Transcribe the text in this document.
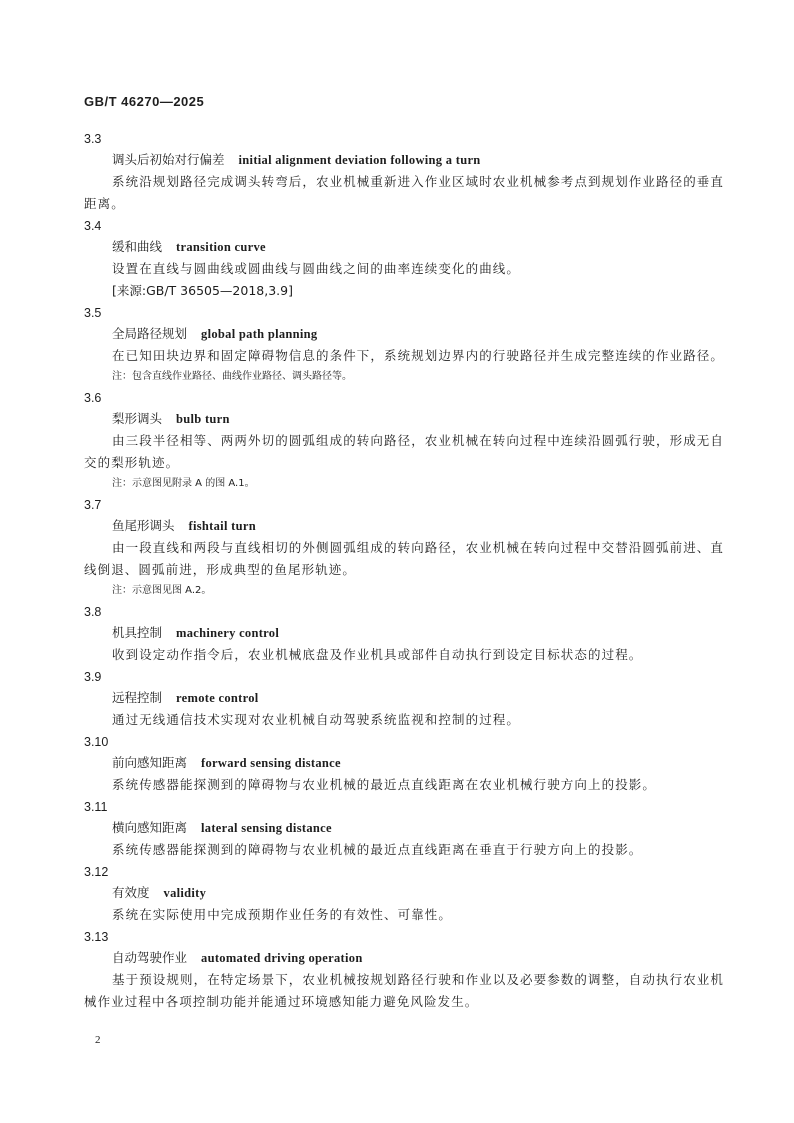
GB/T 46270—2025
3.3
调头后初始对行偏差 initial alignment deviation following a turn
系统沿规划路径完成调头转弯后，农业机械重新进入作业区域时农业机械参考点到规划作业路径的垂直距离。
3.4
缓和曲线 transition curve
设置在直线与圆曲线或圆曲线与圆曲线之间的曲率连续变化的曲线。
[来源:GB/T 36505—2018,3.9]
3.5
全局路径规划 global path planning
在已知田块边界和固定障碍物信息的条件下，系统规划边界内的行驶路径并生成完整连续的作业路径。
注：包含直线作业路径、曲线作业路径、调头路径等。
3.6
梨形调头 bulb turn
由三段半径相等、两两外切的圆弧组成的转向路径，农业机械在转向过程中连续沿圆弧行驶，形成无自交的梨形轨迹。
注：示意图见附录 A 的图 A.1。
3.7
鱼尾形调头 fishtail turn
由一段直线和两段与直线相切的外侧圆弧组成的转向路径，农业机械在转向过程中交替沿圆弧前进、直线倒退、圆弧前进，形成典型的鱼尾形轨迹。
注：示意图见图 A.2。
3.8
机具控制 machinery control
收到设定动作指令后，农业机械底盘及作业机具或部件自动执行到设定目标状态的过程。
3.9
远程控制 remote control
通过无线通信技术实现对农业机械自动驾驶系统监视和控制的过程。
3.10
前向感知距离 forward sensing distance
系统传感器能探测到的障碍物与农业机械的最近点直线距离在农业机械行驶方向上的投影。
3.11
横向感知距离 lateral sensing distance
系统传感器能探测到的障碍物与农业机械的最近点直线距离在垂直于行驶方向上的投影。
3.12
有效度 validity
系统在实际使用中完成预期作业任务的有效性、可靠性。
3.13
自动驾驶作业 automated driving operation
基于预设规则，在特定场景下，农业机械按规划路径行驶和作业以及必要参数的调整，自动执行农业机械作业过程中各项控制功能并能通过环境感知能力避免风险发生。
2
